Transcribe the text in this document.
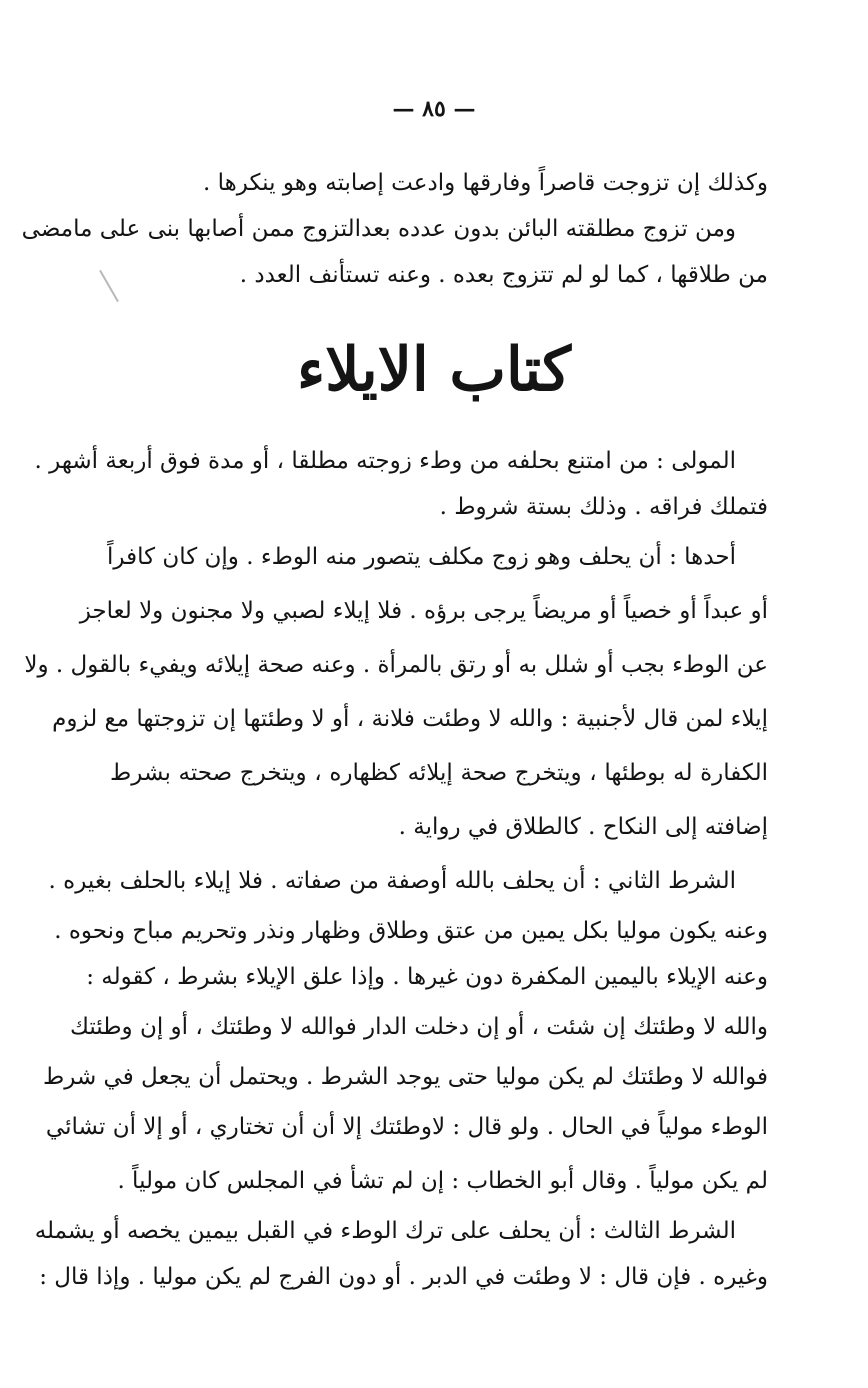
— ٨٥ —
وكذلك إن تزوجت قاصراً وفارقها وادعت إصابته وهو ينكرها .
ومن تزوج مطلقته البائن بدون عدده بعدالتزوج ممن أصابها بنى على مامضى
من طلاقها ، كما لو لم تتزوج بعده . وعنه تستأنف العدد .
كتاب الايلاء
المولى : من امتنع بحلفه من وطء زوجته مطلقا ، أو مدة فوق أربعة أشهر .
فتملك فراقه . وذلك بستة شروط .
أحدها : أن يحلف وهو زوج مكلف يتصور منه الوطء . وإن كان كافراً
أو عبداً أو خصياً أو مريضاً يرجى برؤه . فلا إيلاء لصبي ولا مجنون ولا لعاجز
عن الوطء بجب أو شلل به أو رتق بالمرأة . وعنه صحة إيلائه ويفيء بالقول . ولا
إيلاء لمن قال لأجنبية : والله لا وطئت فلانة ، أو لا وطئتها إن تزوجتها مع لزوم
الكفارة له بوطئها ، ويتخرج صحة إيلائه كظهاره ، ويتخرج صحته بشرط
إضافته إلى النكاح . كالطلاق في رواية .
الشرط الثاني : أن يحلف بالله أوصفة من صفاته . فلا إيلاء بالحلف بغيره .
وعنه يكون موليا بكل يمين من عتق وطلاق وظهار ونذر وتحريم مباح ونحوه .
وعنه الإيلاء باليمين المكفرة دون غيرها . وإذا علق الإيلاء بشرط ، كقوله :
والله لا وطئتك إن شئت ، أو إن دخلت الدار فوالله لا وطئتك ، أو إن وطئتك
فوالله لا وطئتك لم يكن موليا حتى يوجد الشرط . ويحتمل أن يجعل في شرط
الوطء مولياً في الحال . ولو قال : لاوطئتك إلا أن أن تختاري ، أو إلا أن تشائي
لم يكن مولياً . وقال أبو الخطاب : إن لم تشأ في المجلس كان مولياً .
الشرط الثالث : أن يحلف على ترك الوطء في القبل بيمين يخصه أو يشمله
وغيره . فإن قال : لا وطئت في الدبر . أو دون الفرج لم يكن موليا . وإذا قال :
